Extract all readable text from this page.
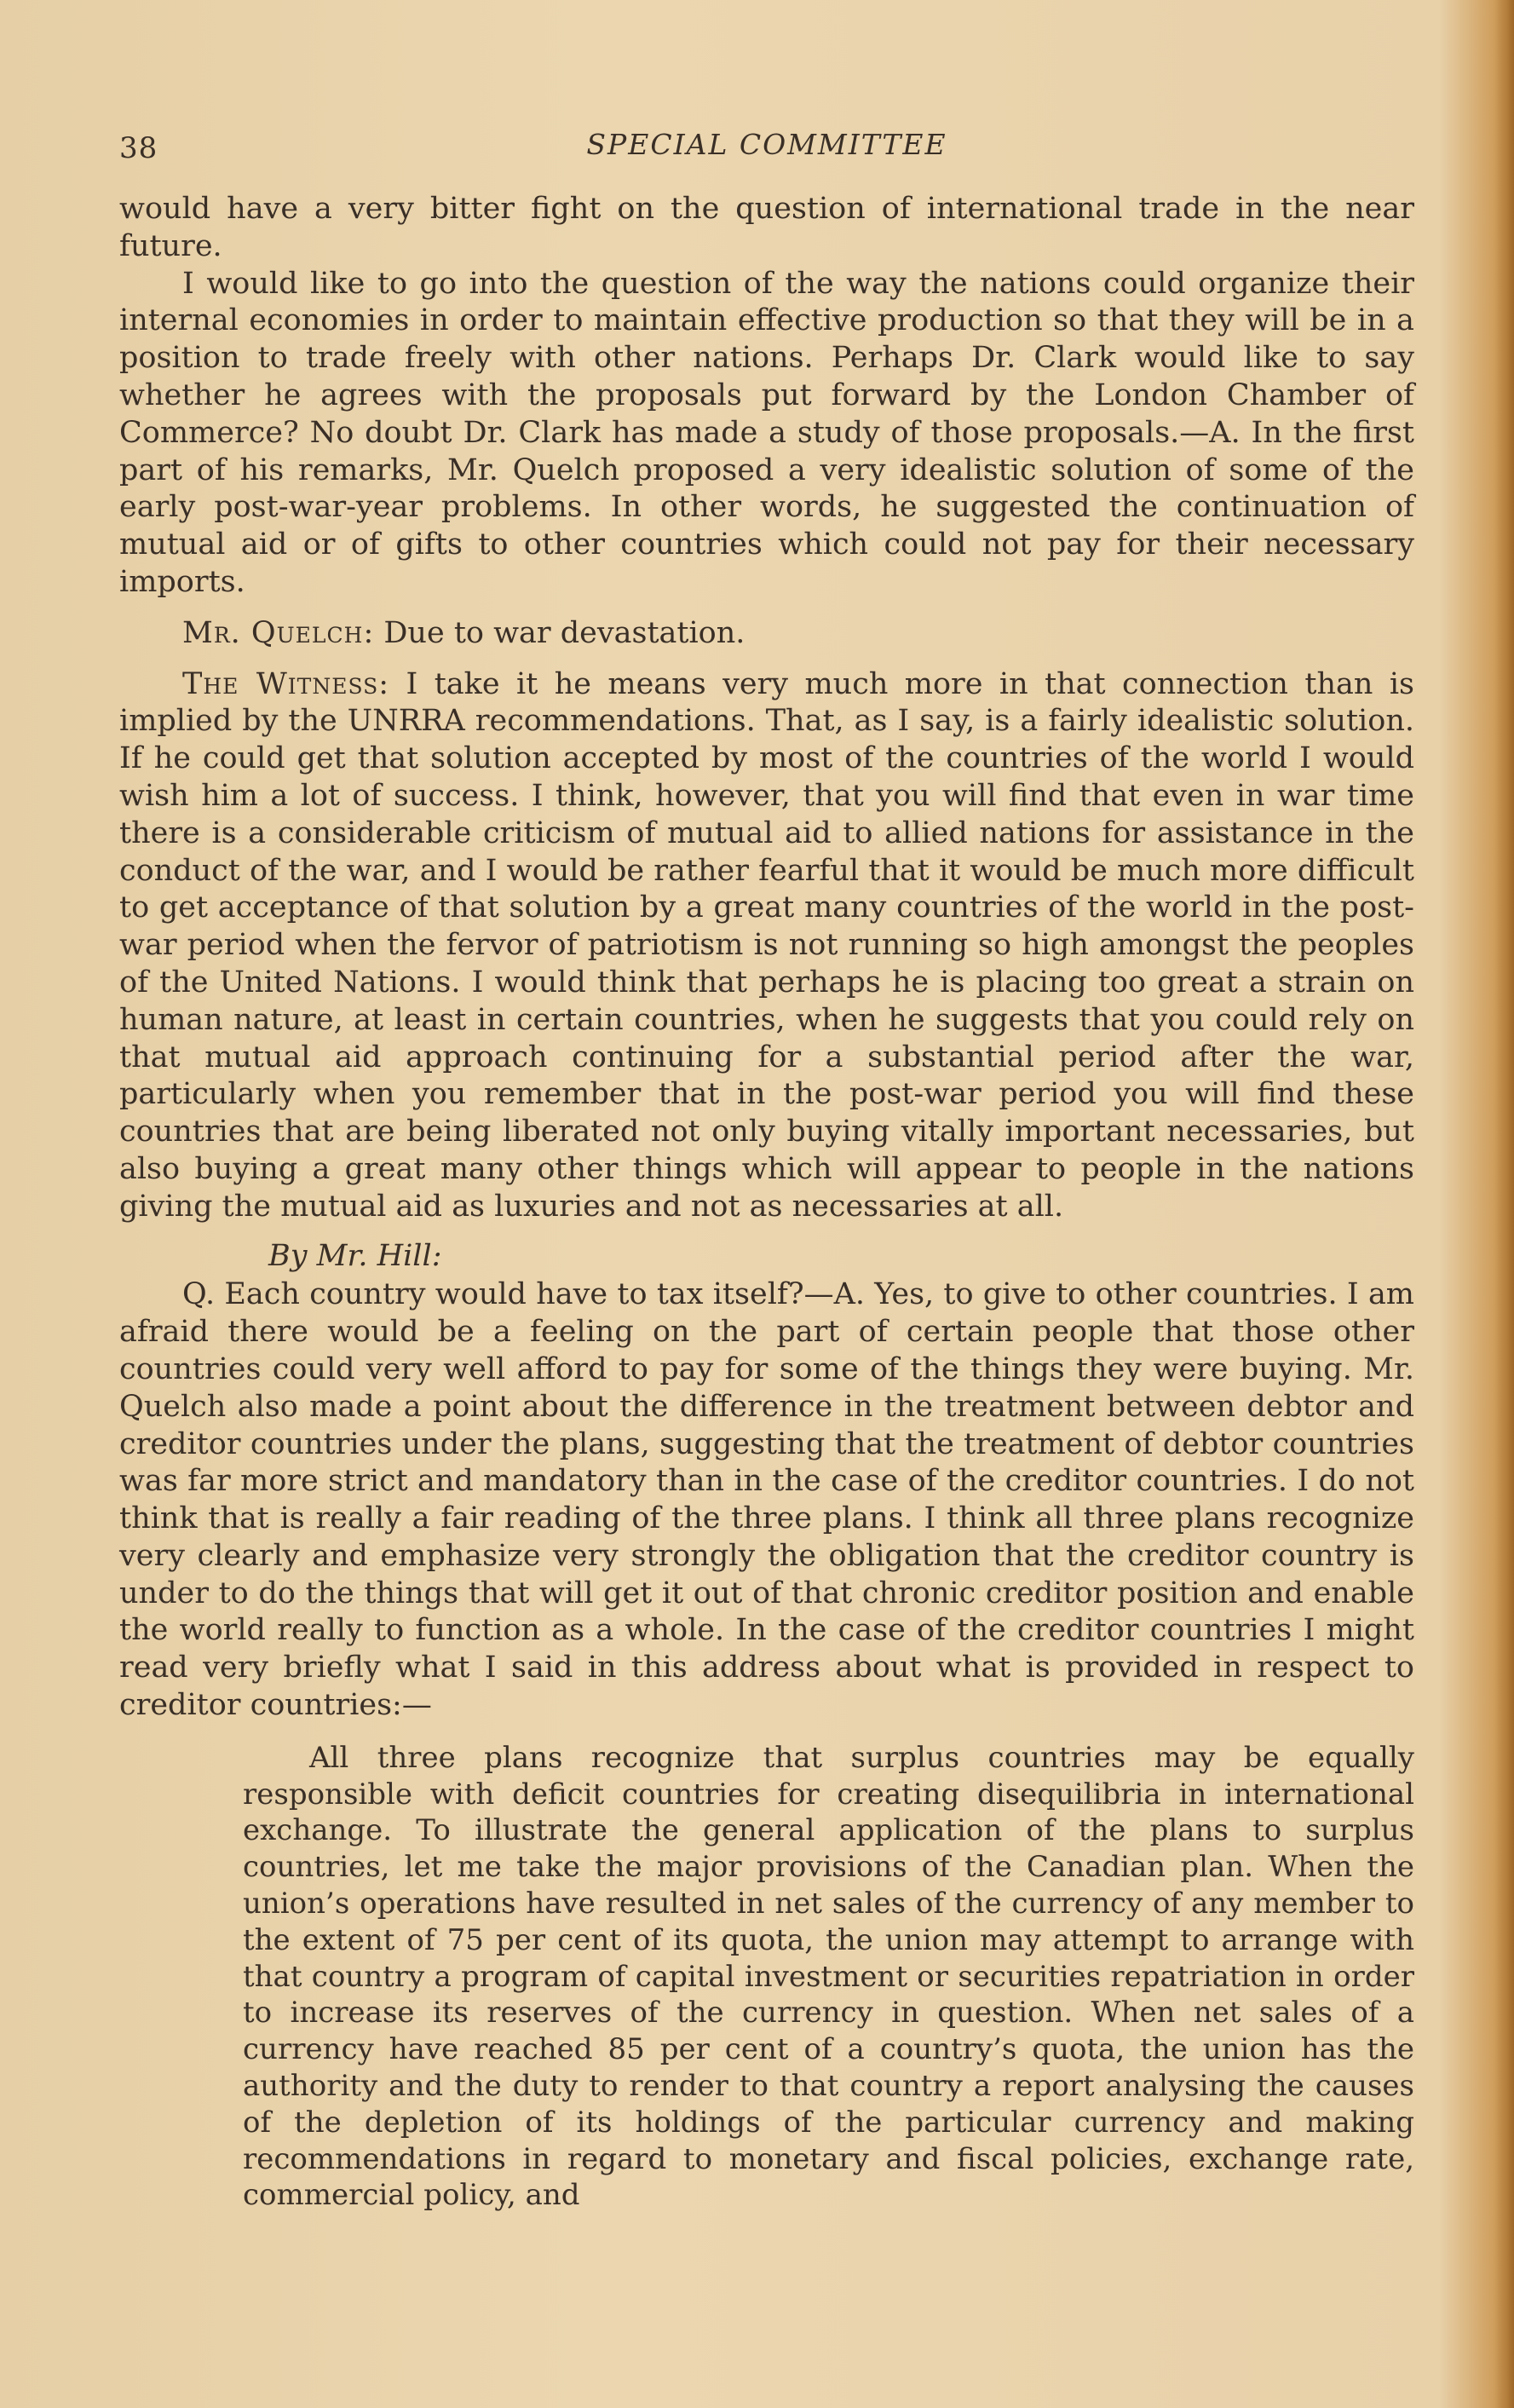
38	SPECIAL COMMITTEE

would have a very bitter fight on the question of international trade in the near future.

I would like to go into the question of the way the nations could organize their internal economies in order to maintain effective production so that they will be in a position to trade freely with other nations. Perhaps Dr. Clark would like to say whether he agrees with the proposals put forward by the London Chamber of Commerce? No doubt Dr. Clark has made a study of those proposals.—A. In the first part of his remarks, Mr. Quelch proposed a very idealistic solution of some of the early post-war-year problems. In other words, he suggested the continuation of mutual aid or of gifts to other countries which could not pay for their necessary imports.

Mr. Quelch: Due to war devastation.

The Witness: I take it he means very much more in that connection than is implied by the UNRRA recommendations. That, as I say, is a fairly idealistic solution. If he could get that solution accepted by most of the countries of the world I would wish him a lot of success. I think, however, that you will find that even in war time there is a considerable criticism of mutual aid to allied nations for assistance in the conduct of the war, and I would be rather fearful that it would be much more difficult to get acceptance of that solution by a great many countries of the world in the post-war period when the fervor of patriotism is not running so high amongst the peoples of the United Nations. I would think that perhaps he is placing too great a strain on human nature, at least in certain countries, when he suggests that you could rely on that mutual aid approach continuing for a substantial period after the war, particularly when you remember that in the post-war period you will find these countries that are being liberated not only buying vitally important necessaries, but also buying a great many other things which will appear to people in the nations giving the mutual aid as luxuries and not as necessaries at all.

By Mr. Hill:

Q. Each country would have to tax itself?—A. Yes, to give to other countries. I am afraid there would be a feeling on the part of certain people that those other countries could very well afford to pay for some of the things they were buying. Mr. Quelch also made a point about the difference in the treatment between debtor and creditor countries under the plans, suggesting that the treatment of debtor countries was far more strict and mandatory than in the case of the creditor countries. I do not think that is really a fair reading of the three plans. I think all three plans recognize very clearly and emphasize very strongly the obligation that the creditor country is under to do the things that will get it out of that chronic creditor position and enable the world really to function as a whole. In the case of the creditor countries I might read very briefly what I said in this address about what is provided in respect to creditor countries:—

All three plans recognize that surplus countries may be equally responsible with deficit countries for creating disequilibria in international exchange. To illustrate the general application of the plans to surplus countries, let me take the major provisions of the Canadian plan. When the union’s operations have resulted in net sales of the currency of any member to the extent of 75 per cent of its quota, the union may attempt to arrange with that country a program of capital investment or securities repatriation in order to increase its reserves of the currency in question. When net sales of a currency have reached 85 per cent of a country’s quota, the union has the authority and the duty to render to that country a report analysing the causes of the depletion of its holdings of the particular currency and making recommendations in regard to monetary and fiscal policies, exchange rate, commercial policy, and
